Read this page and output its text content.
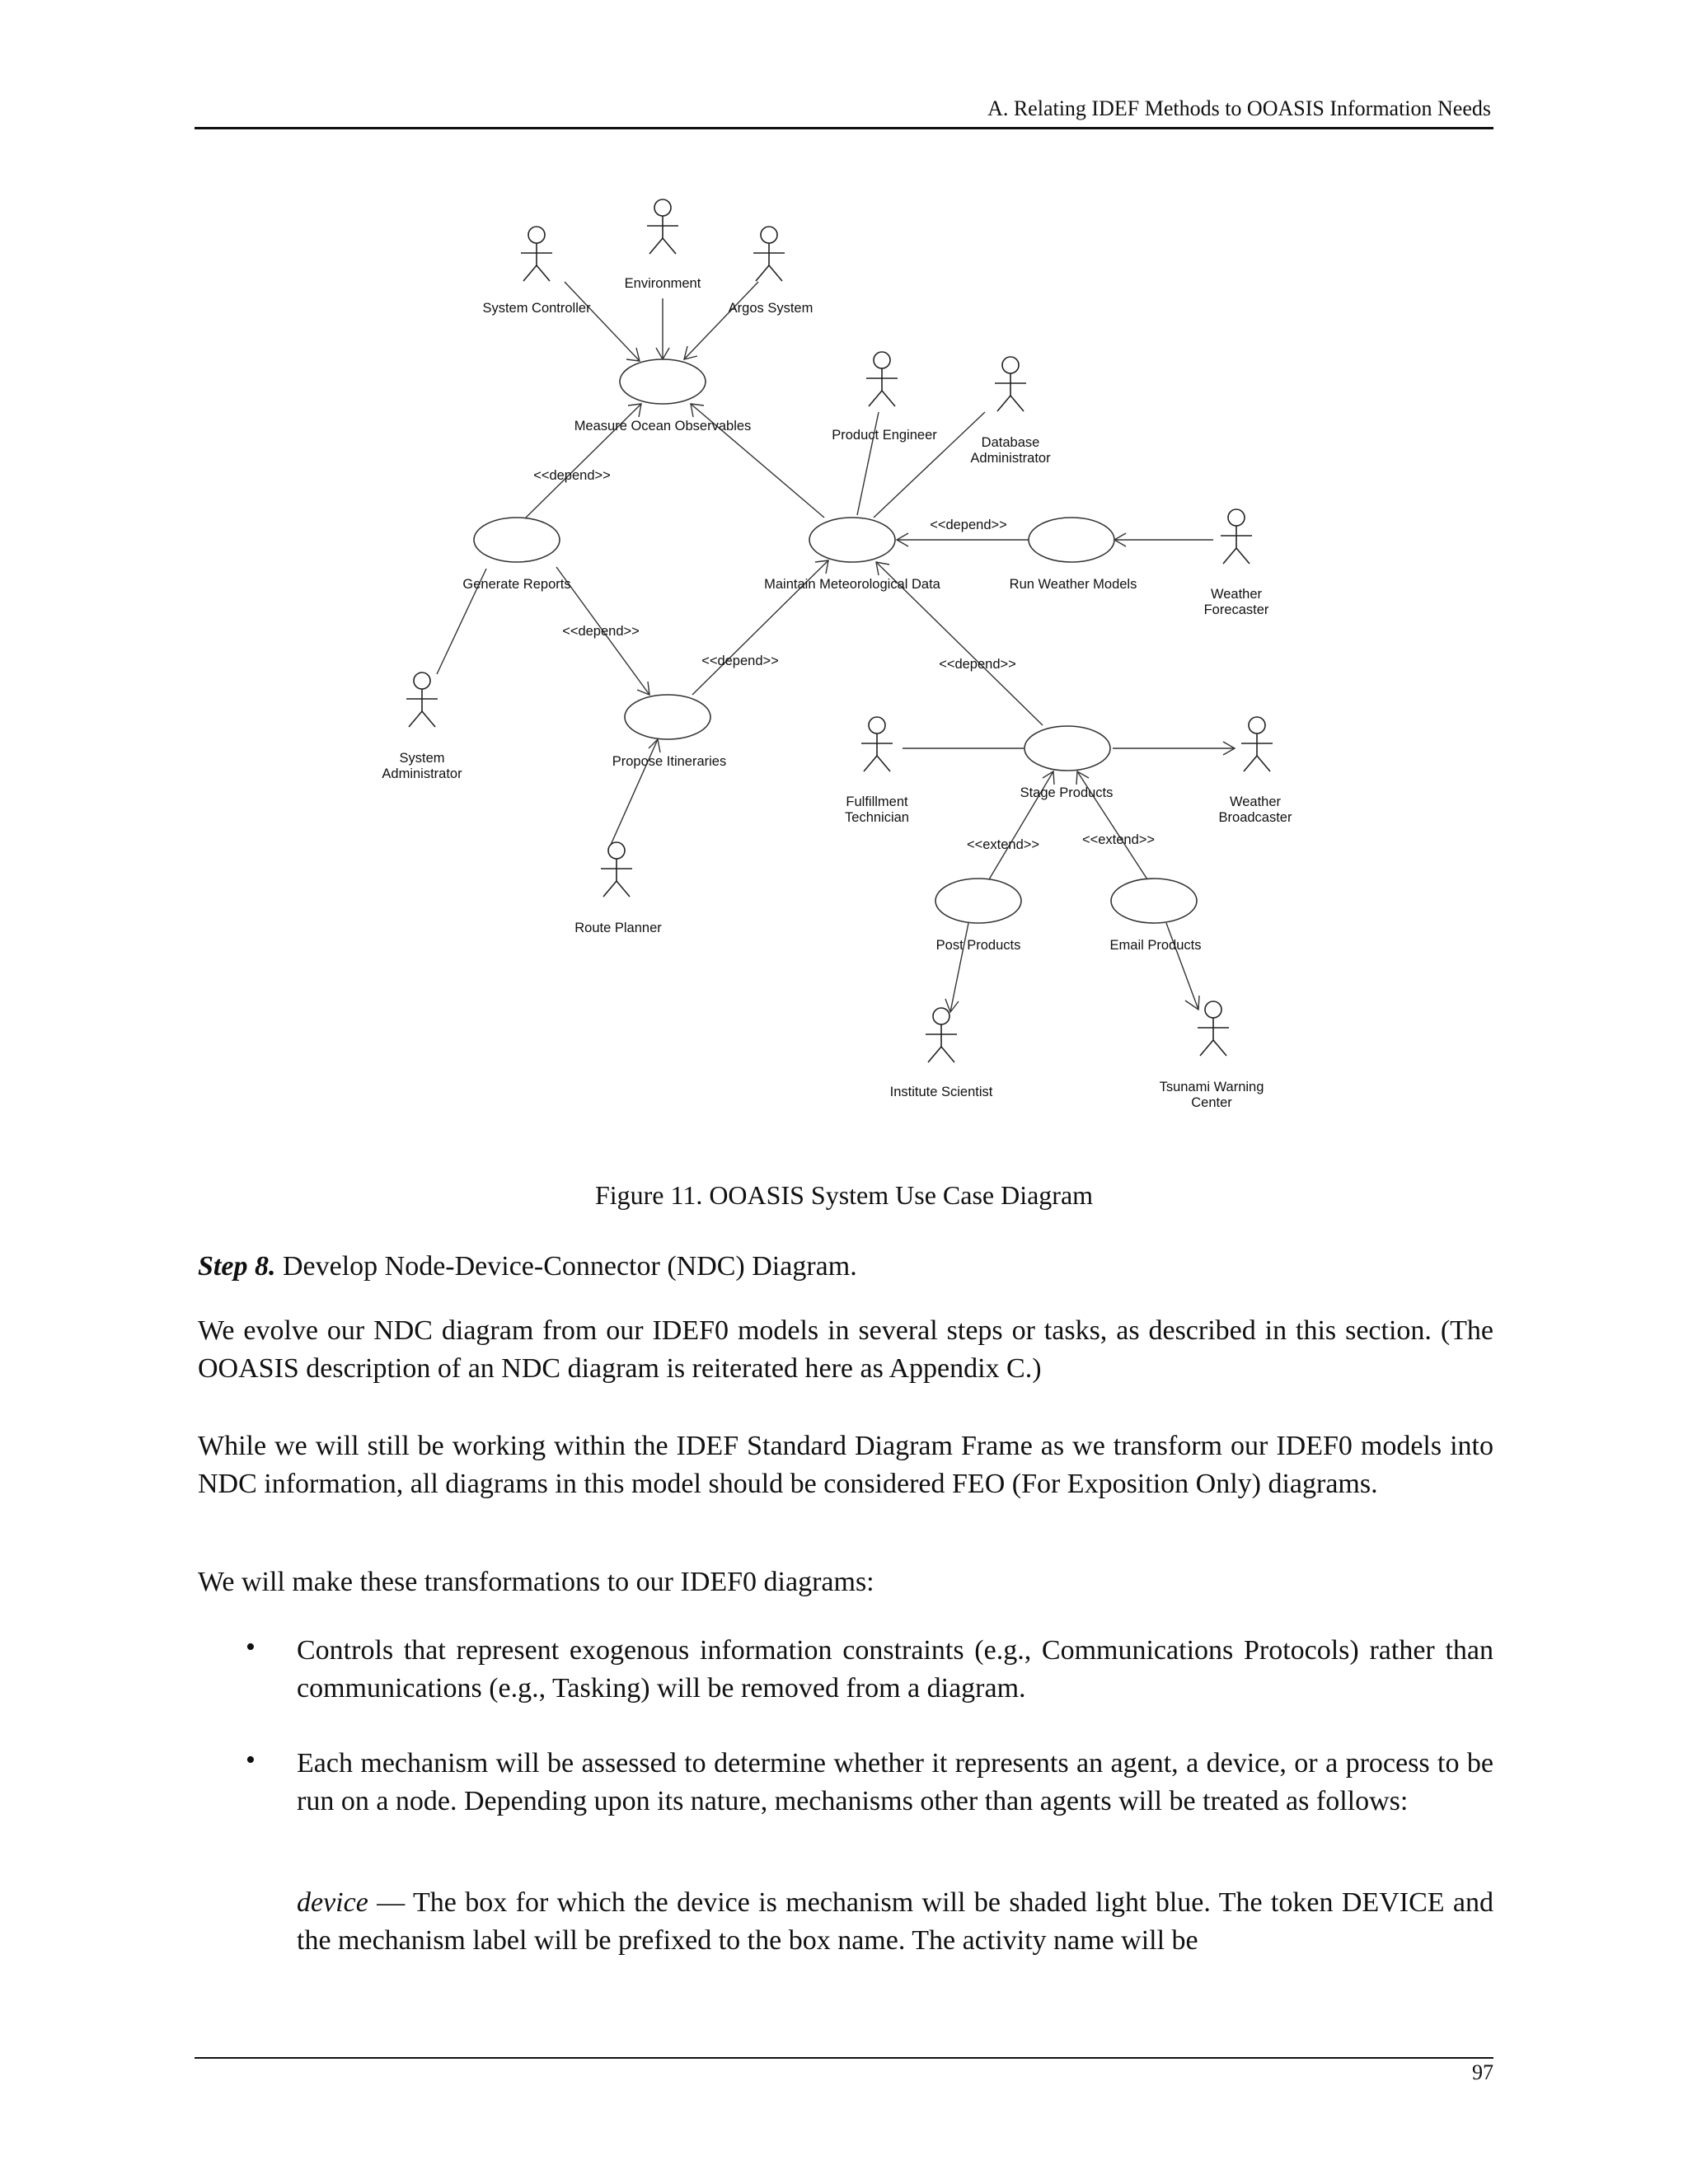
A. Relating IDEF Methods to OOASIS Information Needs
System Controller
Environment
Argos System
Product Engineer	Database
Administrator
Weather
Forecaster
System
Administrator
Route Planner
Fulfillment
Technician
Weather
Broadcaster
Institute Scientist	Tsunami Warning
Center
Measure Ocean Observables
Generate Reports	Maintain Meteorological Data	Run Weather Models
Propose Itineraries
Stage Products
Post Products	Email Products
<<depend>>
<<depend>>
<<depend>>
<<depend>>	<<depend>>
<<extend>>	<<extend>>
Figure 11. OOASIS System Use Case Diagram
Step 8. Develop Node-Device-Connector (NDC) Diagram.
We evolve our NDC diagram from our IDEF0 models in several steps or tasks, as described in this section. (The OOASIS description of an NDC diagram is reiterated here as Appendix C.)
While we will still be working within the IDEF Standard Diagram Frame as we transform our IDEF0 models into NDC information, all diagrams in this model should be considered FEO (For Exposition Only) diagrams.
We will make these transformations to our IDEF0 diagrams:
• Controls that represent exogenous information constraints (e.g., Communications Protocols) rather than communications (e.g., Tasking) will be removed from a diagram.
• Each mechanism will be assessed to determine whether it represents an agent, a device, or a process to be run on a node. Depending upon its nature, mechanisms other than agents will be treated as follows:
device — The box for which the device is mechanism will be shaded light blue. The token DEVICE and the mechanism label will be prefixed to the box name. The activity name will be
97
